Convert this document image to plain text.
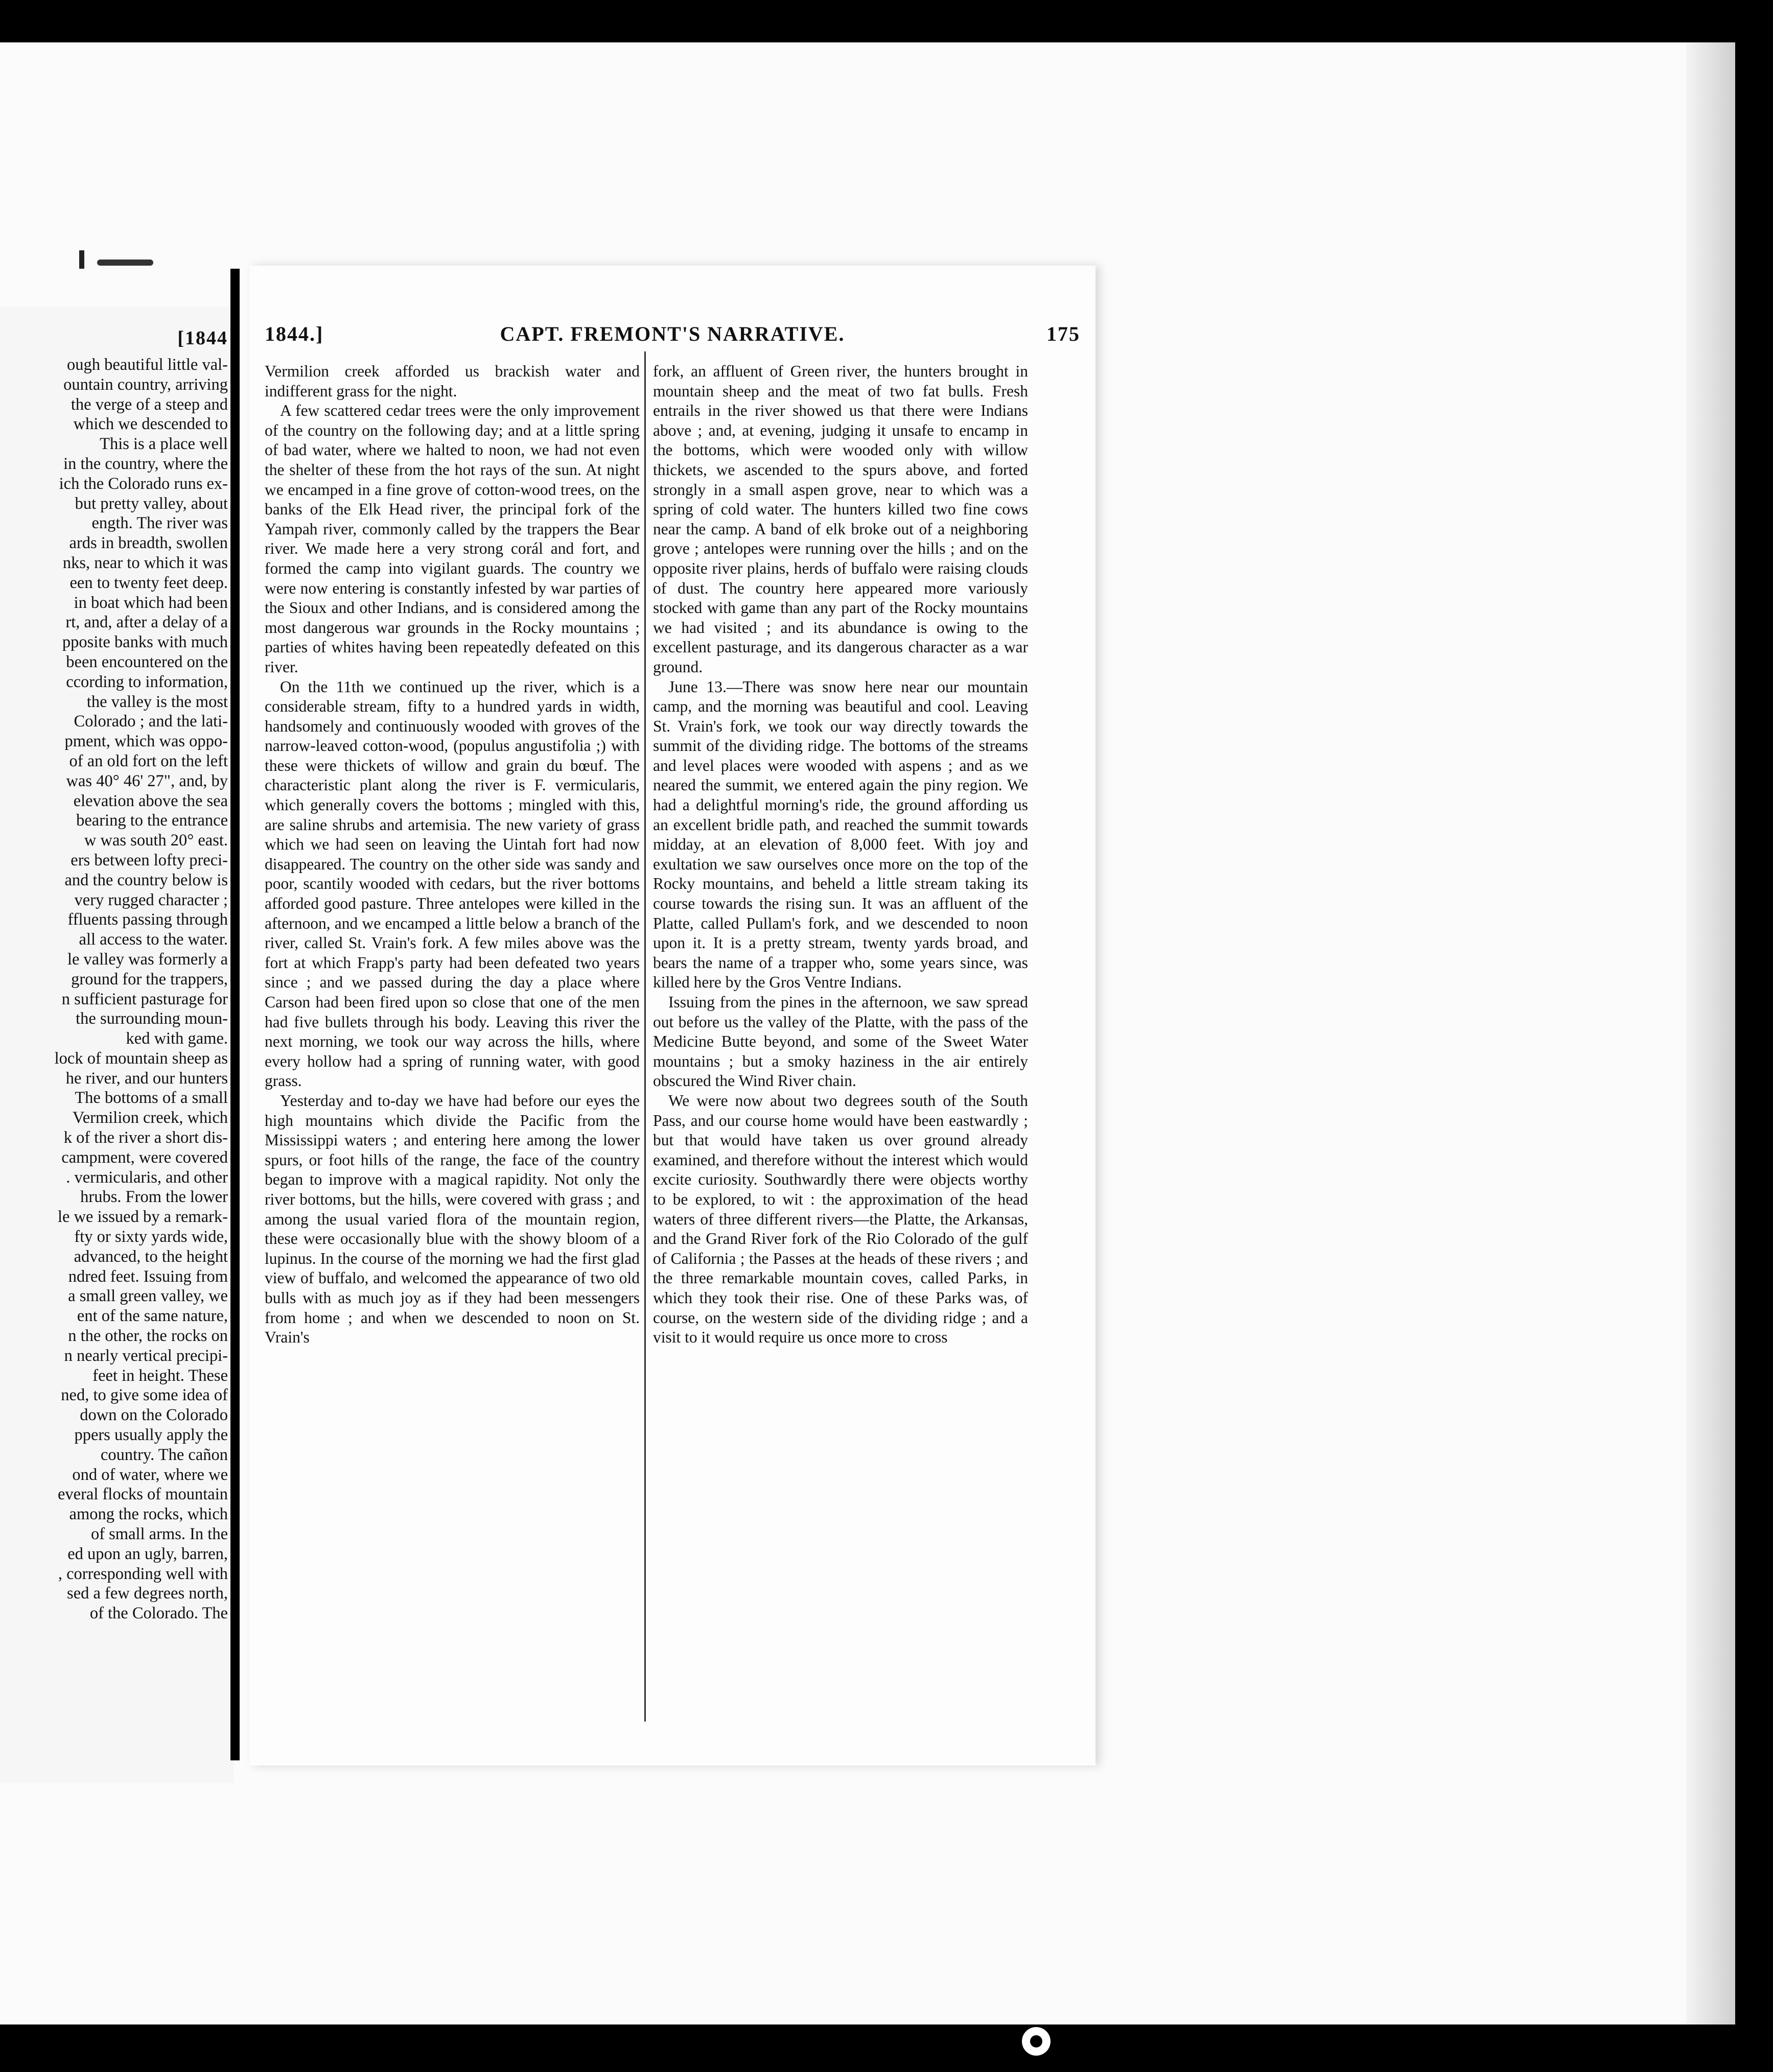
[1844
ough beautiful little val-
ountain country, arriving
the verge of a steep and
which we descended to
This is a place well
in the country, where the
ich the Colorado runs ex-
but pretty valley, about
ength. The river was
ards in breadth, swollen
nks, near to which it was
een to twenty feet deep.
in boat which had been
rt, and, after a delay of a
pposite banks with much
been encountered on the
ccording to information,
the valley is the most
Colorado ; and the lati-
pment, which was oppo-
of an old fort on the left
was 40° 46' 27", and, by
elevation above the sea
bearing to the entrance
w was south 20° east.
ers between lofty preci-
and the country below is
very rugged character ;
ffluents passing through
all access to the water.
le valley was formerly a
ground for the trappers,
n sufficient pasturage for
the surrounding moun-
ked with game.
lock of mountain sheep as
he river, and our hunters
The bottoms of a small
Vermilion creek, which
k of the river a short dis-
campment, were covered
. vermicularis, and other
hrubs. From the lower
le we issued by a remark-
fty or sixty yards wide,
advanced, to the height
ndred feet. Issuing from
a small green valley, we
ent of the same nature,
n the other, the rocks on
n nearly vertical precipi-
feet in height. These
ned, to give some idea of
down on the Colorado
ppers usually apply the
country. The cañon
ond of water, where we
everal flocks of mountain
among the rocks, which
of small arms. In the
ed upon an ugly, barren,
, corresponding well with
sed a few degrees north,
of the Colorado. The
1844.]	CAPT. FREMONT'S NARRATIVE.	175

Vermilion creek afforded us brackish water and indifferent grass for the night.

A few scattered cedar trees were the only improvement of the country on the following day; and at a little spring of bad water, where we halted to noon, we had not even the shelter of these from the hot rays of the sun. At night we encamped in a fine grove of cotton-wood trees, on the banks of the Elk Head river, the principal fork of the Yampah river, commonly called by the trappers the Bear river. We made here a very strong corál and fort, and formed the camp into vigilant guards. The country we were now entering is constantly infested by war parties of the Sioux and other Indians, and is considered among the most dangerous war grounds in the Rocky mountains ; parties of whites having been repeatedly defeated on this river.

On the 11th we continued up the river, which is a considerable stream, fifty to a hundred yards in width, handsomely and continuously wooded with groves of the narrow-leaved cotton-wood, (populus angustifolia ;) with these were thickets of willow and grain du bœuf. The characteristic plant along the river is F. vermicularis, which generally covers the bottoms ; mingled with this, are saline shrubs and artemisia. The new variety of grass which we had seen on leaving the Uintah fort had now disappeared. The country on the other side was sandy and poor, scantily wooded with cedars, but the river bottoms afforded good pasture. Three antelopes were killed in the afternoon, and we encamped a little below a branch of the river, called St. Vrain's fork. A few miles above was the fort at which Frapp's party had been defeated two years since ; and we passed during the day a place where Carson had been fired upon so close that one of the men had five bullets through his body. Leaving this river the next morning, we took our way across the hills, where every hollow had a spring of running water, with good grass.

Yesterday and to-day we have had before our eyes the high mountains which divide the Pacific from the Mississippi waters ; and entering here among the lower spurs, or foot hills of the range, the face of the country began to improve with a magical rapidity. Not only the river bottoms, but the hills, were covered with grass ; and among the usual varied flora of the mountain region, these were occasionally blue with the showy bloom of a lupinus. In the course of the morning we had the first glad view of buffalo, and welcomed the appearance of two old bulls with as much joy as if they had been messengers from home ; and when we descended to noon on St. Vrain's

fork, an affluent of Green river, the hunters brought in mountain sheep and the meat of two fat bulls. Fresh entrails in the river showed us that there were Indians above ; and, at evening, judging it unsafe to encamp in the bottoms, which were wooded only with willow thickets, we ascended to the spurs above, and forted strongly in a small aspen grove, near to which was a spring of cold water. The hunters killed two fine cows near the camp. A band of elk broke out of a neighboring grove ; antelopes were running over the hills ; and on the opposite river plains, herds of buffalo were raising clouds of dust. The country here appeared more variously stocked with game than any part of the Rocky mountains we had visited ; and its abundance is owing to the excellent pasturage, and its dangerous character as a war ground.

June 13.—There was snow here near our mountain camp, and the morning was beautiful and cool. Leaving St. Vrain's fork, we took our way directly towards the summit of the dividing ridge. The bottoms of the streams and level places were wooded with aspens ; and as we neared the summit, we entered again the piny region. We had a delightful morning's ride, the ground affording us an excellent bridle path, and reached the summit towards midday, at an elevation of 8,000 feet. With joy and exultation we saw ourselves once more on the top of the Rocky mountains, and beheld a little stream taking its course towards the rising sun. It was an affluent of the Platte, called Pullam's fork, and we descended to noon upon it. It is a pretty stream, twenty yards broad, and bears the name of a trapper who, some years since, was killed here by the Gros Ventre Indians.

Issuing from the pines in the afternoon, we saw spread out before us the valley of the Platte, with the pass of the Medicine Butte beyond, and some of the Sweet Water mountains ; but a smoky haziness in the air entirely obscured the Wind River chain.

We were now about two degrees south of the South Pass, and our course home would have been eastwardly ; but that would have taken us over ground already examined, and therefore without the interest which would excite curiosity. Southwardly there were objects worthy to be explored, to wit : the approximation of the head waters of three different rivers—the Platte, the Arkansas, and the Grand River fork of the Rio Colorado of the gulf of California ; the Passes at the heads of these rivers ; and the three remarkable mountain coves, called Parks, in which they took their rise. One of these Parks was, of course, on the western side of the dividing ridge ; and a visit to it would require us once more to cross
